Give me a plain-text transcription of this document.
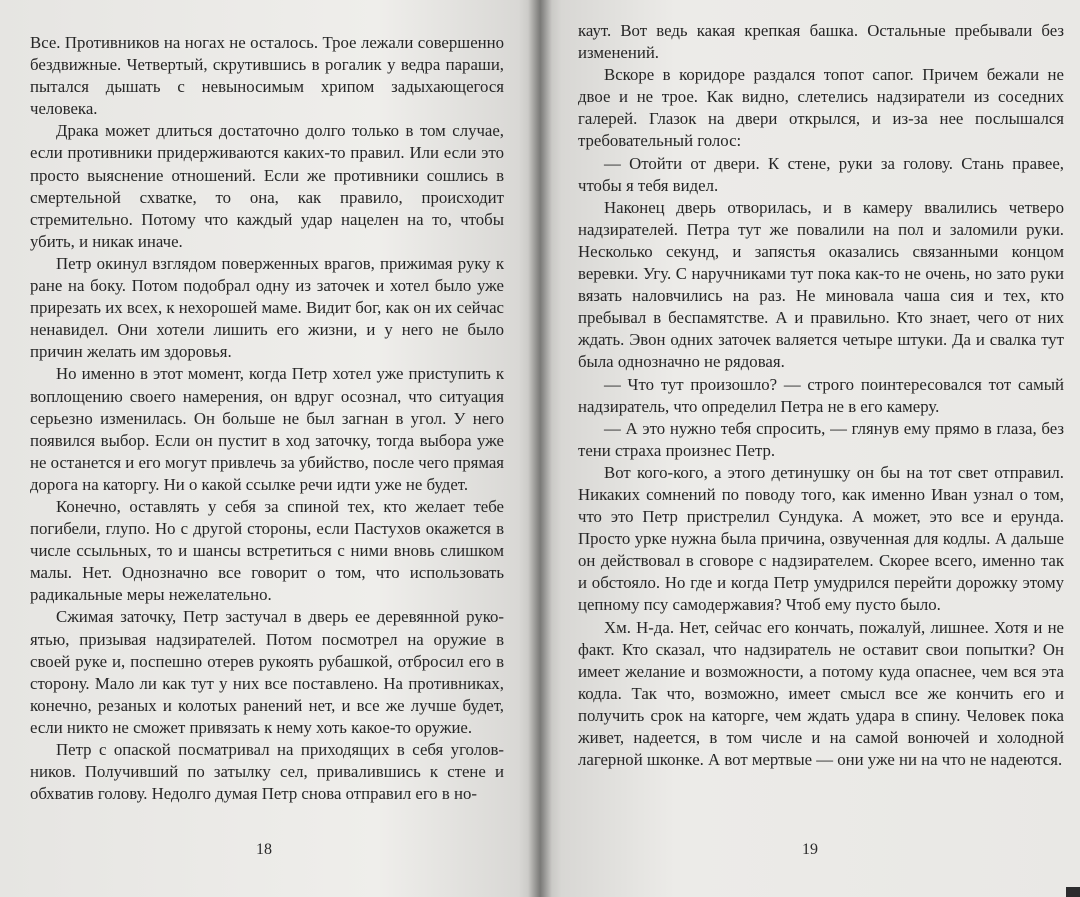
Все. Противников на ногах не осталось. Трое лежали совершенно бездвижные. Четвертый, скрутившись в рогалик у ведра параши, пытался дышать с невыносимым хрипом задыхающегося человека.

Драка может длиться достаточно долго только в том случае, если противники придерживаются каких-то правил. Или если это просто выяснение отношений. Если же противники сошлись в смертельной схватке, то она, как правило, происходит стремительно. Потому что каждый удар нацелен на то, чтобы убить, и никак иначе.

Петр окинул взглядом поверженных врагов, прижимая руку к ране на боку. Потом подобрал одну из заточек и хотел было уже прирезать их всех, к нехорошей маме. Видит бог, как он их сейчас ненавидел. Они хотели лишить его жизни, и у него не было причин желать им здоровья.

Но именно в этот момент, когда Петр хотел уже приступить к воплощению своего намерения, он вдруг осознал, что ситуация серьезно изменилась. Он больше не был загнан в угол. У него появился выбор. Если он пустит в ход заточку, тогда выбора уже не останется и его могут привлечь за убийство, после чего прямая дорога на каторгу. Ни о какой ссылке речи идти уже не будет.

Конечно, оставлять у себя за спиной тех, кто желает тебе погибели, глупо. Но с другой стороны, если Пастухов окажется в числе ссыльных, то и шансы встретиться с ними вновь слишком малы. Нет. Однозначно все говорит о том, что использовать радикальные меры нежелательно.

Сжимая заточку, Петр застучал в дверь ее деревянной рукоятью, призывая надзирателей. Потом посмотрел на оружие в своей руке и, поспешно отерев рукоять рубашкой, отбросил его в сторону. Мало ли как тут у них все поставлено. На противниках, конечно, резаных и колотых ранений нет, и все же лучше будет, если никто не сможет привязать к нему хоть какое-то оружие.

Петр с опаской посматривал на приходящих в себя уголовников. Получивший по затылку сел, привалившись к стене и обхватив голову. Недолго думая Петр снова отправил его в но-

18

каут. Вот ведь какая крепкая башка. Остальные пребывали без изменений.

Вскоре в коридоре раздался топот сапог. Причем бежали не двое и не трое. Как видно, слетелись надзиратели из соседних галерей. Глазок на двери открылся, и из-за нее послышался требовательный голос:

— Отойти от двери. К стене, руки за голову. Стань правее, чтобы я тебя видел.

Наконец дверь отворилась, и в камеру ввалились четверо надзирателей. Петра тут же повалили на пол и заломили руки. Несколько секунд, и запястья оказались связанными концом веревки. Угу. С наручниками тут пока как-то не очень, но зато руки вязать наловчились на раз. Не миновала чаша сия и тех, кто пребывал в беспамятстве. А и правильно. Кто знает, чего от них ждать. Эвон одних заточек валяется четыре штуки. Да и свалка тут была однозначно не рядовая.

— Что тут произошло? — строго поинтересовался тот самый надзиратель, что определил Петра не в его камеру.

— А это нужно тебя спросить, — глянув ему прямо в глаза, без тени страха произнес Петр.

Вот кого-кого, а этого детинушку он бы на тот свет отправил. Никаких сомнений по поводу того, как именно Иван узнал о том, что это Петр пристрелил Сундука. А может, это все и ерунда. Просто урке нужна была причина, озвученная для кодлы. А дальше он действовал в сговоре с надзирателем. Скорее всего, именно так и обстояло. Но где и когда Петр умудрился перейти дорожку этому цепному псу самодержавия? Чтоб ему пусто было.

Хм. Н-да. Нет, сейчас его кончать, пожалуй, лишнее. Хотя и не факт. Кто сказал, что надзиратель не оставит свои попытки? Он имеет желание и возможности, а потому куда опаснее, чем вся эта кодла. Так что, возможно, имеет смысл все же кончить его и получить срок на каторге, чем ждать удара в спину. Человек пока живет, надеется, в том числе и на самой вонючей и холодной лагерной шконке. А вот мертвые — они уже ни на что не надеются.

19
